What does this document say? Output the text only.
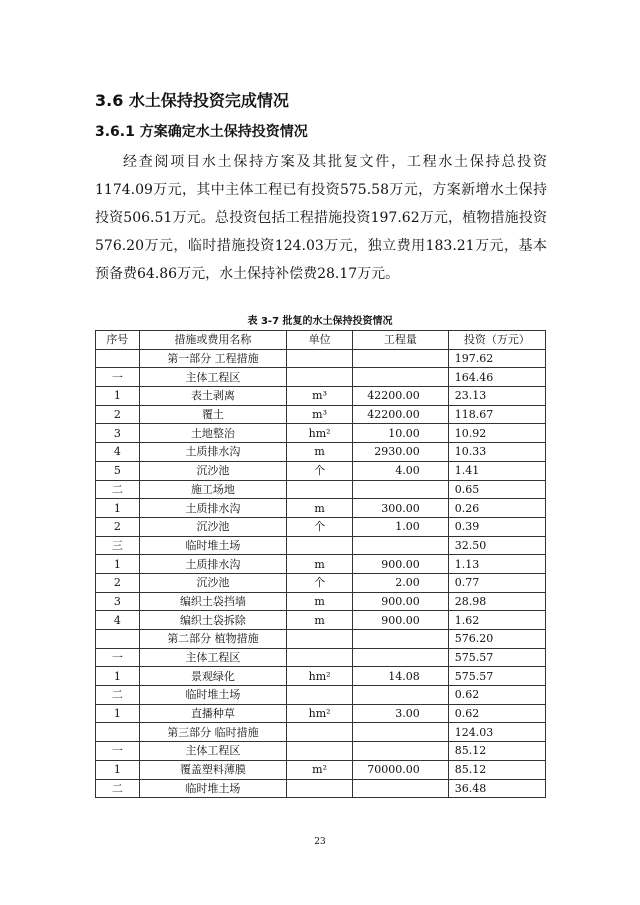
3.6 水土保持投资完成情况
3.6.1 方案确定水土保持投资情况

经查阅项目水土保持方案及其批复文件，工程水土保持总投资1174.09万元，其中主体工程已有投资575.58万元，方案新增水土保持投资506.51万元。总投资包括工程措施投资197.62万元，植物措施投资576.20万元，临时措施投资124.03万元，独立费用183.21万元，基本预备费64.86万元，水土保持补偿费28.17万元。

表 3-7 批复的水土保持投资情况
序号	措施或费用名称	单位	工程量	投资（万元）
	第一部分 工程措施			197.62
一	主体工程区			164.46
1	表土剥离	m³	42200.00	23.13
2	覆土	m³	42200.00	118.67
3	土地整治	hm²	10.00	10.92
4	土质排水沟	m	2930.00	10.33
5	沉沙池	个	4.00	1.41
二	施工场地			0.65
1	土质排水沟	m	300.00	0.26
2	沉沙池	个	1.00	0.39
三	临时堆土场			32.50
1	土质排水沟	m	900.00	1.13
2	沉沙池	个	2.00	0.77
3	编织土袋挡墙	m	900.00	28.98
4	编织土袋拆除	m	900.00	1.62
	第二部分 植物措施			576.20
一	主体工程区			575.57
1	景观绿化	hm²	14.08	575.57
二	临时堆土场			0.62
1	直播种草	hm²	3.00	0.62
	第三部分 临时措施			124.03
一	主体工程区			85.12
1	覆盖塑料薄膜	m²	70000.00	85.12
二	临时堆土场			36.48
23
